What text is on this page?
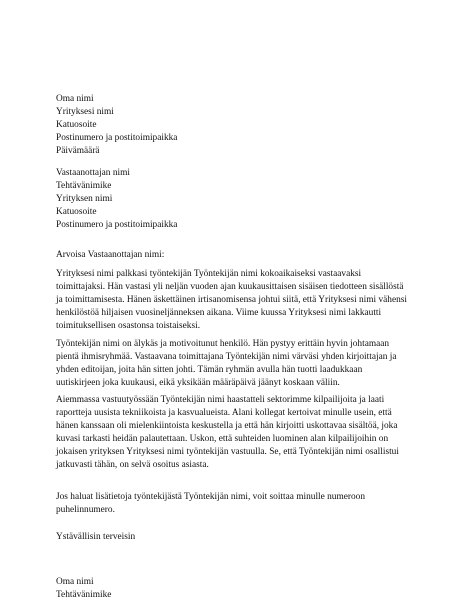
Oma nimi
Yrityksesi nimi
Katuosoite
Postinumero ja postitoimipaikka
Päivämäärä
Vastaanottajan nimi
Tehtävänimike
Yrityksen nimi
Katuosoite
Postinumero ja postitoimipaikka
Arvoisa Vastaanottajan nimi:
Yrityksesi nimi palkkasi työntekijän Työntekijän nimi kokoaikaiseksi vastaavaksi
toimittajaksi. Hän vastasi yli neljän vuoden ajan kuukausittaisen sisäisen tiedotteen sisällöstä
ja toimittamisesta. Hänen äskettäinen irtisanomisensa johtui siitä, että Yrityksesi nimi vähensi
henkilöstöä hiljaisen vuosineljänneksen aikana. Viime kuussa Yrityksesi nimi lakkautti
toimituksellisen osastonsa toistaiseksi.
Työntekijän nimi on älykäs ja motivoitunut henkilö. Hän pystyy erittäin hyvin johtamaan
pientä ihmisryhmää. Vastaavana toimittajana Työntekijän nimi värväsi yhden kirjoittajan ja
yhden editoijan, joita hän sitten johti. Tämän ryhmän avulla hän tuotti laadukkaan
uutiskirjeen joka kuukausi, eikä yksikään määräpäivä jäänyt koskaan väliin.
Aiemmassa vastuutyössään Työntekijän nimi haastatteli sektorimme kilpailijoita ja laati
raportteja uusista tekniikoista ja kasvualueista. Alani kollegat kertoivat minulle usein, että
hänen kanssaan oli mielenkiintoista keskustella ja että hän kirjoitti uskottavaa sisältöä, joka
kuvasi tarkasti heidän palautettaan. Uskon, että suhteiden luominen alan kilpailijoihin on
jokaisen yrityksen Yrityksesi nimi työntekijän vastuulla. Se, että Työntekijän nimi osallistui
jatkuvasti tähän, on selvä osoitus asiasta.
Jos haluat lisätietoja työntekijästä Työntekijän nimi, voit soittaa minulle numeroon
puhelinnumero.
Ystävällisin terveisin
Oma nimi
Tehtävänimike
